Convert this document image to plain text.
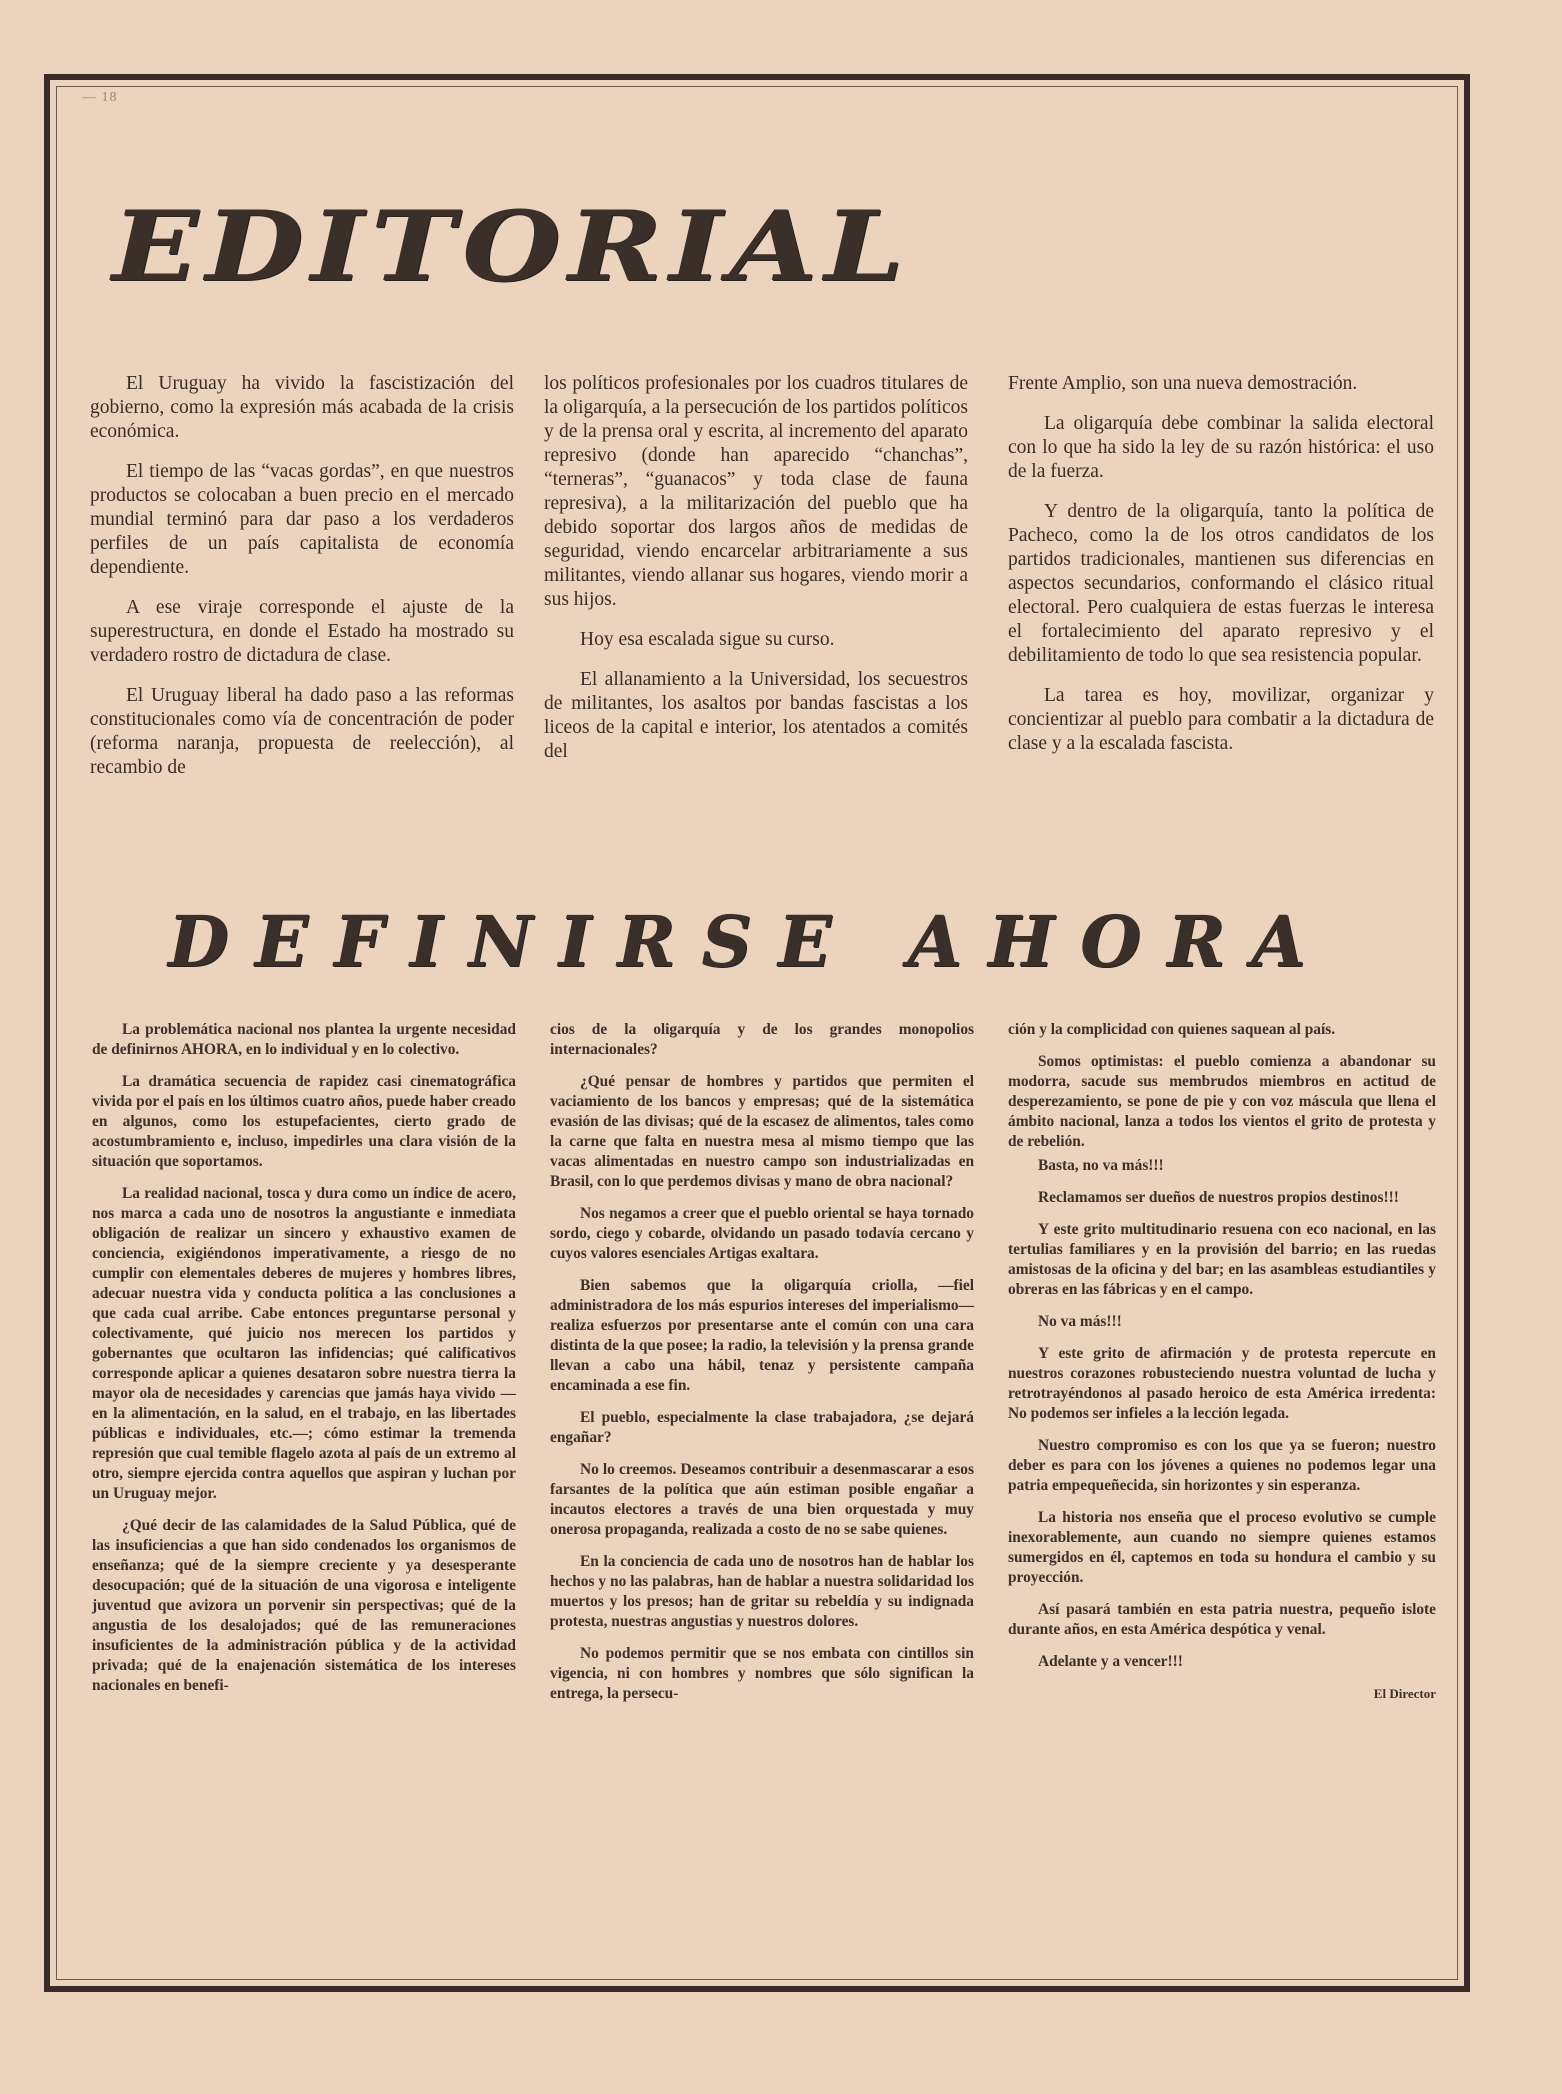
— 18
EDITORIAL

El Uruguay ha vivido la fascistización del gobierno, como la expresión más acabada de la crisis económica.

El tiempo de las “vacas gordas”, en que nuestros productos se colocaban a buen precio en el mercado mundial terminó para dar paso a los verdaderos perfiles de un país capitalista de economía dependiente.

A ese viraje corresponde el ajuste de la superestructura, en donde el Estado ha mostrado su verdadero rostro de dictadura de clase.

El Uruguay liberal ha dado paso a las reformas constitucionales como vía de concentración de poder (reforma naranja, propuesta de reelección), al recambio de

los políticos profesionales por los cuadros titulares de la oligarquía, a la persecución de los partidos políticos y de la prensa oral y escrita, al incremento del aparato represivo (donde han aparecido “chanchas”, “terneras”, “guanacos” y toda clase de fauna represiva), a la militarización del pueblo que ha debido soportar dos largos años de medidas de seguridad, viendo encarcelar arbitrariamente a sus militantes, viendo allanar sus hogares, viendo morir a sus hijos.

Hoy esa escalada sigue su curso.

El allanamiento a la Universidad, los secuestros de militantes, los asaltos por bandas fascistas a los liceos de la capital e interior, los atentados a comités del

Frente Amplio, son una nueva demostración.

La oligarquía debe combinar la salida electoral con lo que ha sido la ley de su razón histórica: el uso de la fuerza.

Y dentro de la oligarquía, tanto la política de Pacheco, como la de los otros candidatos de los partidos tradicionales, mantienen sus diferencias en aspectos secundarios, conformando el clásico ritual electoral. Pero cualquiera de estas fuerzas le interesa el fortalecimiento del aparato represivo y el debilitamiento de todo lo que sea resistencia popular.

La tarea es hoy, movilizar, organizar y concientizar al pueblo para combatir a la dictadura de clase y a la escalada fascista.

DEFINIRSE AHORA

La problemática nacional nos plantea la urgente necesidad de definirnos AHORA, en lo individual y en lo colectivo.

La dramática secuencia de rapidez casi cinematográfica vivida por el país en los últimos cuatro años, puede haber creado en algunos, como los estupefacientes, cierto grado de acostumbramiento e, incluso, impedirles una clara visión de la situación que soportamos.

La realidad nacional, tosca y dura como un índice de acero, nos marca a cada uno de nosotros la angustiante e inmediata obligación de realizar un sincero y exhaustivo examen de conciencia, exigiéndonos imperativamente, a riesgo de no cumplir con elementales deberes de mujeres y hombres libres, adecuar nuestra vida y conducta política a las conclusiones a que cada cual arribe. Cabe entonces preguntarse personal y colectivamente, qué juicio nos merecen los partidos y gobernantes que ocultaron las infidencias; qué calificativos corresponde aplicar a quienes desataron sobre nuestra tierra la mayor ola de necesidades y carencias que jamás haya vivido —en la alimentación, en la salud, en el trabajo, en las libertades públicas e individuales, etc.—; cómo estimar la tremenda represión que cual temible flagelo azota al país de un extremo al otro, siempre ejercida contra aquellos que aspiran y luchan por un Uruguay mejor.

¿Qué decir de las calamidades de la Salud Pública, qué de las insuficiencias a que han sido condenados los organismos de enseñanza; qué de la siempre creciente y ya desesperante desocupación; qué de la situación de una vigorosa e inteligente juventud que avizora un porvenir sin perspectivas; qué de la angustia de los desalojados; qué de las remuneraciones insuficientes de la administración pública y de la actividad privada; qué de la enajenación sistemática de los intereses nacionales en benefi-

cios de la oligarquía y de los grandes monopolios internacionales?

¿Qué pensar de hombres y partidos que permiten el vaciamiento de los bancos y empresas; qué de la sistemática evasión de las divisas; qué de la escasez de alimentos, tales como la carne que falta en nuestra mesa al mismo tiempo que las vacas alimentadas en nuestro campo son industrializadas en Brasil, con lo que perdemos divisas y mano de obra nacional?

Nos negamos a creer que el pueblo oriental se haya tornado sordo, ciego y cobarde, olvidando un pasado todavía cercano y cuyos valores esenciales Artigas exaltara.

Bien sabemos que la oligarquía criolla, —fiel administradora de los más espurios intereses del imperialismo— realiza esfuerzos por presentarse ante el común con una cara distinta de la que posee; la radio, la televisión y la prensa grande llevan a cabo una hábil, tenaz y persistente campaña encaminada a ese fin.

El pueblo, especialmente la clase trabajadora, ¿se dejará engañar?

No lo creemos. Deseamos contribuir a desenmascarar a esos farsantes de la política que aún estiman posible engañar a incautos electores a través de una bien orquestada y muy onerosa propaganda, realizada a costo de no se sabe quienes.

En la conciencia de cada uno de nosotros han de hablar los hechos y no las palabras, han de hablar a nuestra solidaridad los muertos y los presos; han de gritar su rebeldía y su indignada protesta, nuestras angustias y nuestros dolores.

No podemos permitir que se nos embata con cintillos sin vigencia, ni con hombres y nombres que sólo significan la entrega, la persecu-

ción y la complicidad con quienes saquean al país.

Somos optimistas: el pueblo comienza a abandonar su modorra, sacude sus membrudos miembros en actitud de desperezamiento, se pone de pie y con voz máscula que llena el ámbito nacional, lanza a todos los vientos el grito de protesta y de rebelión.

Basta, no va más!!!

Reclamamos ser dueños de nuestros propios destinos!!!

Y este grito multitudinario resuena con eco nacional, en las tertulias familiares y en la provisión del barrio; en las ruedas amistosas de la oficina y del bar; en las asambleas estudiantiles y obreras en las fábricas y en el campo.

No va más!!!

Y este grito de afirmación y de protesta repercute en nuestros corazones robusteciendo nuestra voluntad de lucha y retrotrayéndonos al pasado heroico de esta América irredenta: No podemos ser infieles a la lección legada.

Nuestro compromiso es con los que ya se fueron; nuestro deber es para con los jóvenes a quienes no podemos legar una patria empequeñecida, sin horizontes y sin esperanza.

La historia nos enseña que el proceso evolutivo se cumple inexorablemente, aun cuando no siempre quienes estamos sumergidos en él, captemos en toda su hondura el cambio y su proyección.

Así pasará también en esta patria nuestra, pequeño islote durante años, en esta América despótica y venal.

Adelante y a vencer!!!

El Director
